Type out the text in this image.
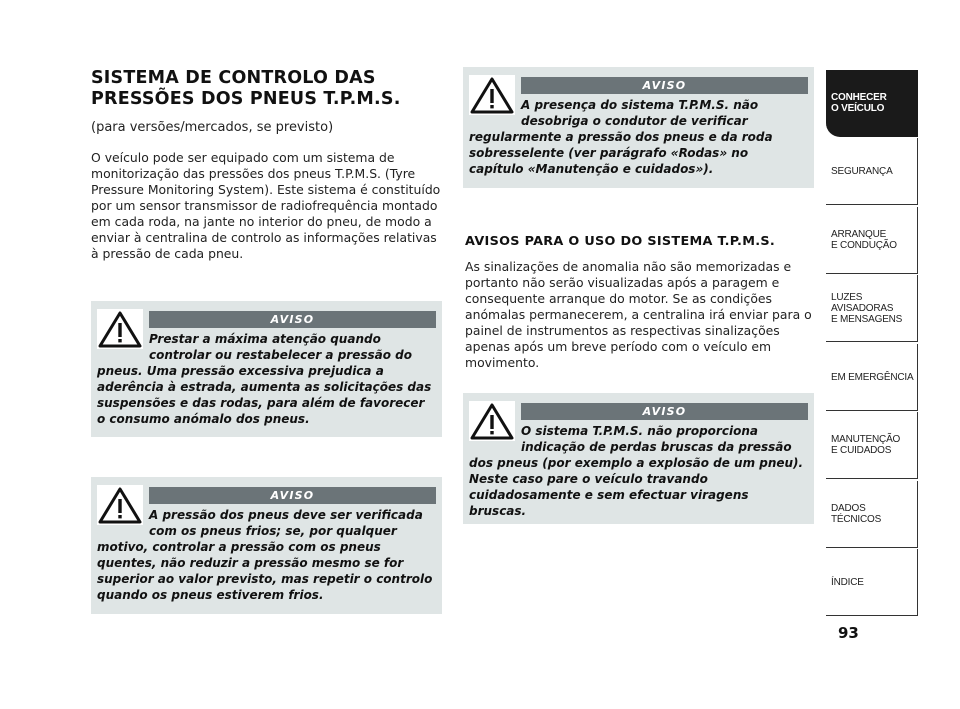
SISTEMA DE CONTROLO DAS PRESSÕES DOS PNEUS T.P.M.S.
(para versões/mercados, se previsto)
O veículo pode ser equipado com um sistema de monitorização das pressões dos pneus T.P.M.S. (Tyre Pressure Monitoring System). Este sistema é constituído por um sensor transmissor de radiofrequência montado em cada roda, na jante no interior do pneu, de modo a enviar à centralina de controlo as informações relativas à pressão de cada pneu.
AVISO
Prestar a máxima atenção quando controlar ou restabelecer a pressão do
pneus. Uma pressão excessiva prejudica a aderência à estrada, aumenta as solicitações das suspensões e das rodas, para além de favorecer o consumo anómalo dos pneus.
AVISO
A pressão dos pneus deve ser verificada com os pneus frios; se, por qualquer
motivo, controlar a pressão com os pneus quentes, não reduzir a pressão mesmo se for superior ao valor previsto, mas repetir o controlo quando os pneus estiverem frios.
AVISO
A presença do sistema T.P.M.S. não desobriga o condutor de verificar
regularmente a pressão dos pneus e da roda sobresselente (ver parágrafo «Rodas» no capítulo «Manutenção e cuidados»).
AVISOS PARA O USO DO SISTEMA T.P.M.S.
As sinalizações de anomalia não são memorizadas e portanto não serão visualizadas após a paragem e consequente arranque do motor. Se as condições anómalas permanecerem, a centralina irá enviar para o painel de instrumentos as respectivas sinalizações apenas após um breve período com o veículo em movimento.
AVISO
O sistema T.P.M.S. não proporciona indicação de perdas bruscas da pressão
dos pneus (por exemplo a explosão de um pneu). Neste caso pare o veículo travando cuidadosamente e sem efectuar viragens bruscas.
CONHECER
O VEÍCULO
SEGURANÇA
ARRANQUE
E CONDUÇÃO
LUZES
AVISADORAS
E MENSAGENS
EM EMERGÊNCIA
MANUTENÇÃO
E CUIDADOS
DADOS
TÉCNICOS
ÍNDICE
93
